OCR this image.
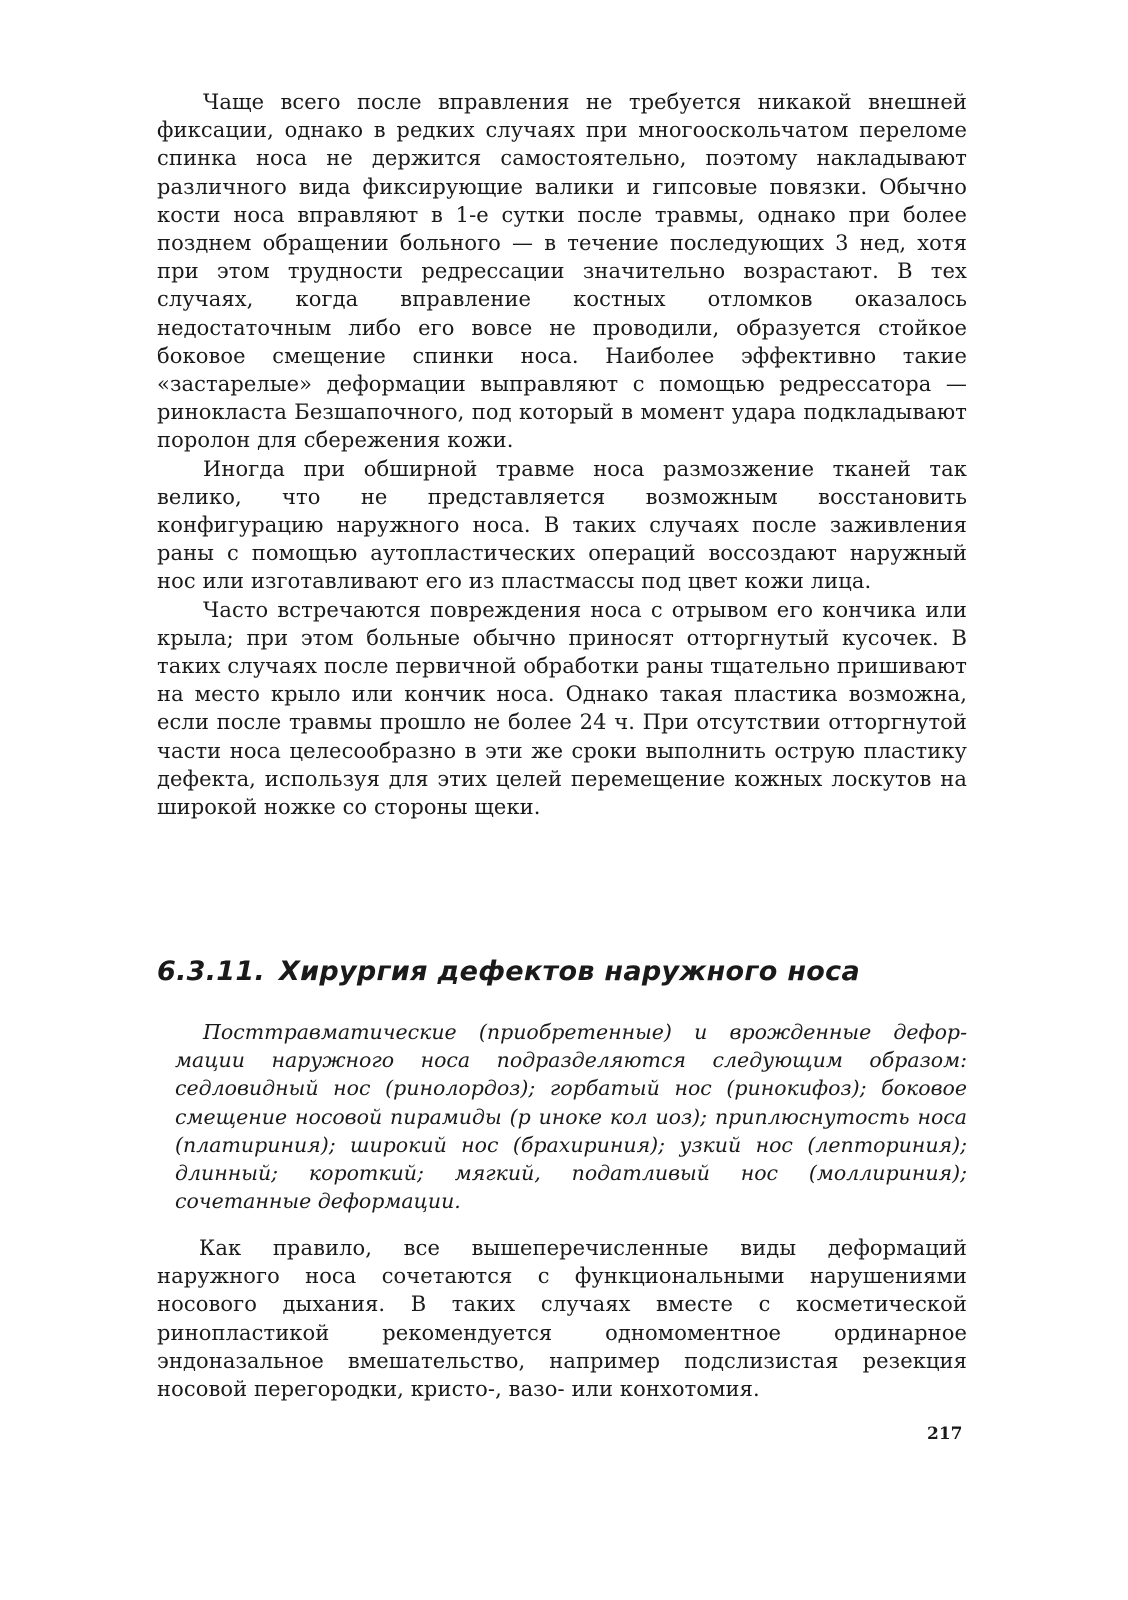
Чаще всего после вправления не требуется никакой внешней фиксации, однако в редких случаях при многооскольчатом переломе спинка носа не держится самостоятельно, поэтому накладывают различного вида фиксирующие валики и гипсовые повязки. Обычно кости носа вправляют в 1-е сутки после травмы, однако при более позднем обращении больного — в течение последующих 3 нед, хотя при этом трудности редрессации значительно возрастают. В тех случаях, когда вправление костных отломков оказалось недостаточным либо его вовсе не проводили, образуется стойкое боковое смещение спинки носа. Наиболее эффективно такие «застарелые» деформации выправляют с помощью редрессатора — ринокласта Безшапочного, под который в момент удара подкладывают поролон для сбережения кожи.

Иногда при обширной травме носа размозжение тканей так велико, что не представляется возможным восстановить конфигурацию наружного носа. В таких случаях после заживления раны с помощью аутопластических операций воссоздают наружный нос или изготавливают его из пластмассы под цвет кожи лица.

Часто встречаются повреждения носа с отрывом его кончика или крыла; при этом больные обычно приносят отторгнутый кусочек. В таких случаях после первичной обработки раны тщательно пришивают на место крыло или кончик носа. Однако такая пластика возможна, если после травмы прошло не более 24 ч. При отсутствии отторгнутой части носа целесообразно в эти же сроки выполнить острую пластику дефекта, используя для этих целей перемещение кожных лоскутов на широкой ножке со стороны щеки.

6.3.11. Хирургия дефектов наружного носа

Посттравматические (приобретенные) и врожденные деформации наружного носа подразделяются следующим образом: седловидный нос (ринолордоз); горбатый нос (ринокифоз); боковое смещение носовой пирамиды (р иноке кол иоз); приплюснутость носа (платириния); широкий нос (брахириния); узкий нос (лепториния); длинный; короткий; мягкий, податливый нос (моллириния); сочетанные деформации.

Как правило, все вышеперечисленные виды деформаций наружного носа сочетаются с функциональными нарушениями носового дыхания. В таких случаях вместе с косметической ринопластикой рекомендуется одномоментное ординарное эндоназальное вмешательство, например подслизистая резекция носовой перегородки, кристо-, вазо- или конхотомия.

217
